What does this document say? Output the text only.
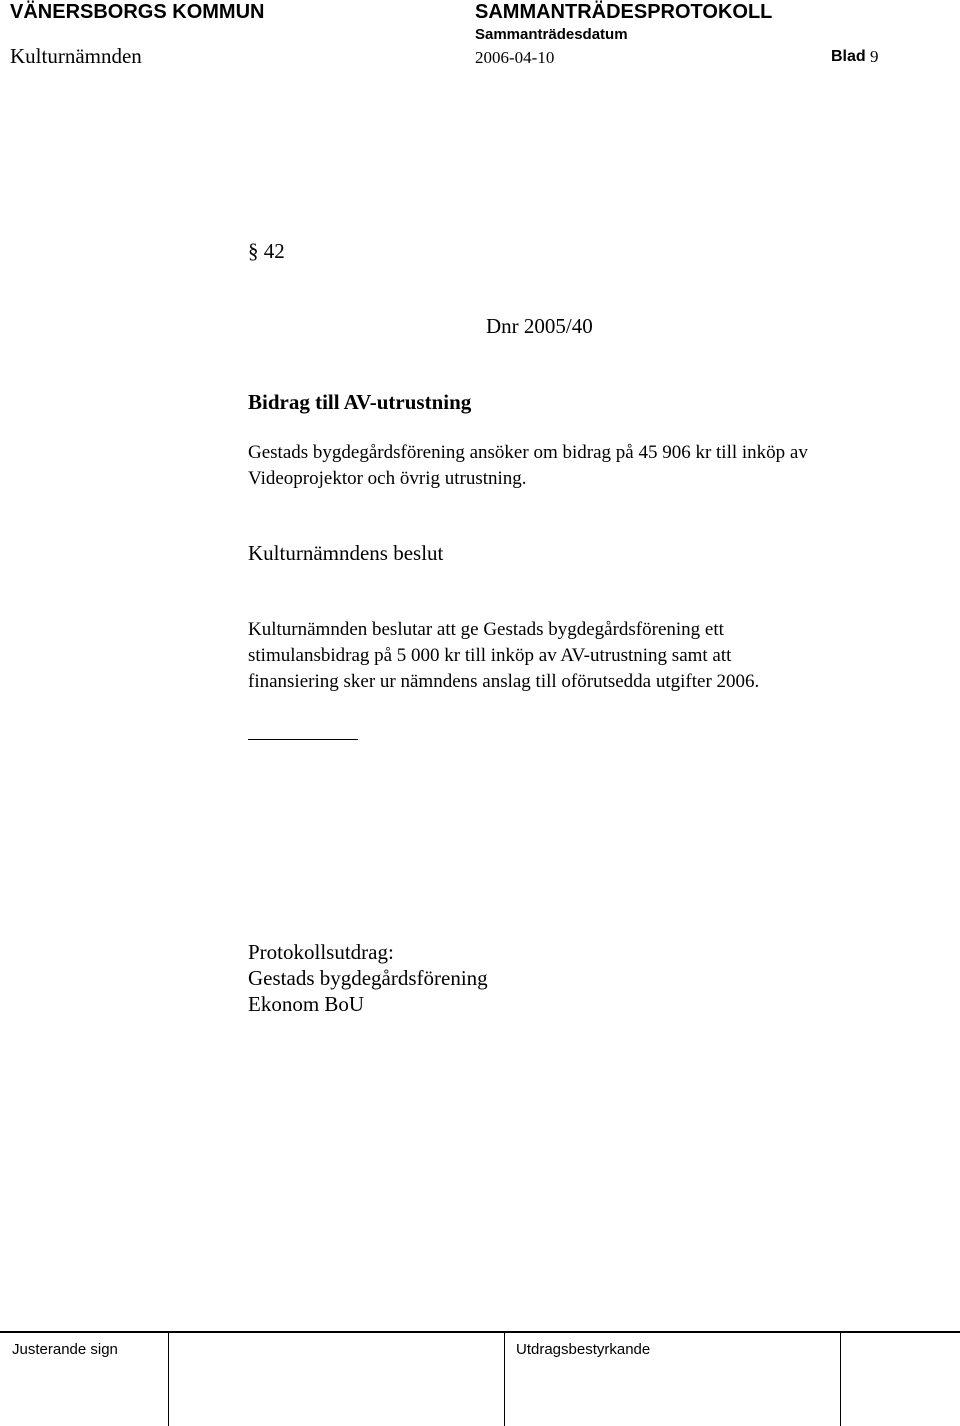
VÄNERSBORGS KOMMUN	SAMMANTRÄDESPROTOKOLL
Sammanträdesdatum
Kulturnämnden	2006-04-10	Blad 9
§ 42
Dnr 2005/40
Bidrag till AV-utrustning
Gestads bygdegårdsförening ansöker om bidrag på 45 906 kr till inköp av
Videoprojektor och övrig utrustning.
Kulturnämndens beslut
Kulturnämnden beslutar att ge Gestads bygdegårdsförening ett
stimulansbidrag på 5 000 kr till inköp av AV-utrustning samt att
finansiering sker ur nämndens anslag till oförutsedda utgifter 2006.
Protokollsutdrag:
Gestads bygdegårdsförening
Ekonom BoU
Justerande sign	Utdragsbestyrkande
